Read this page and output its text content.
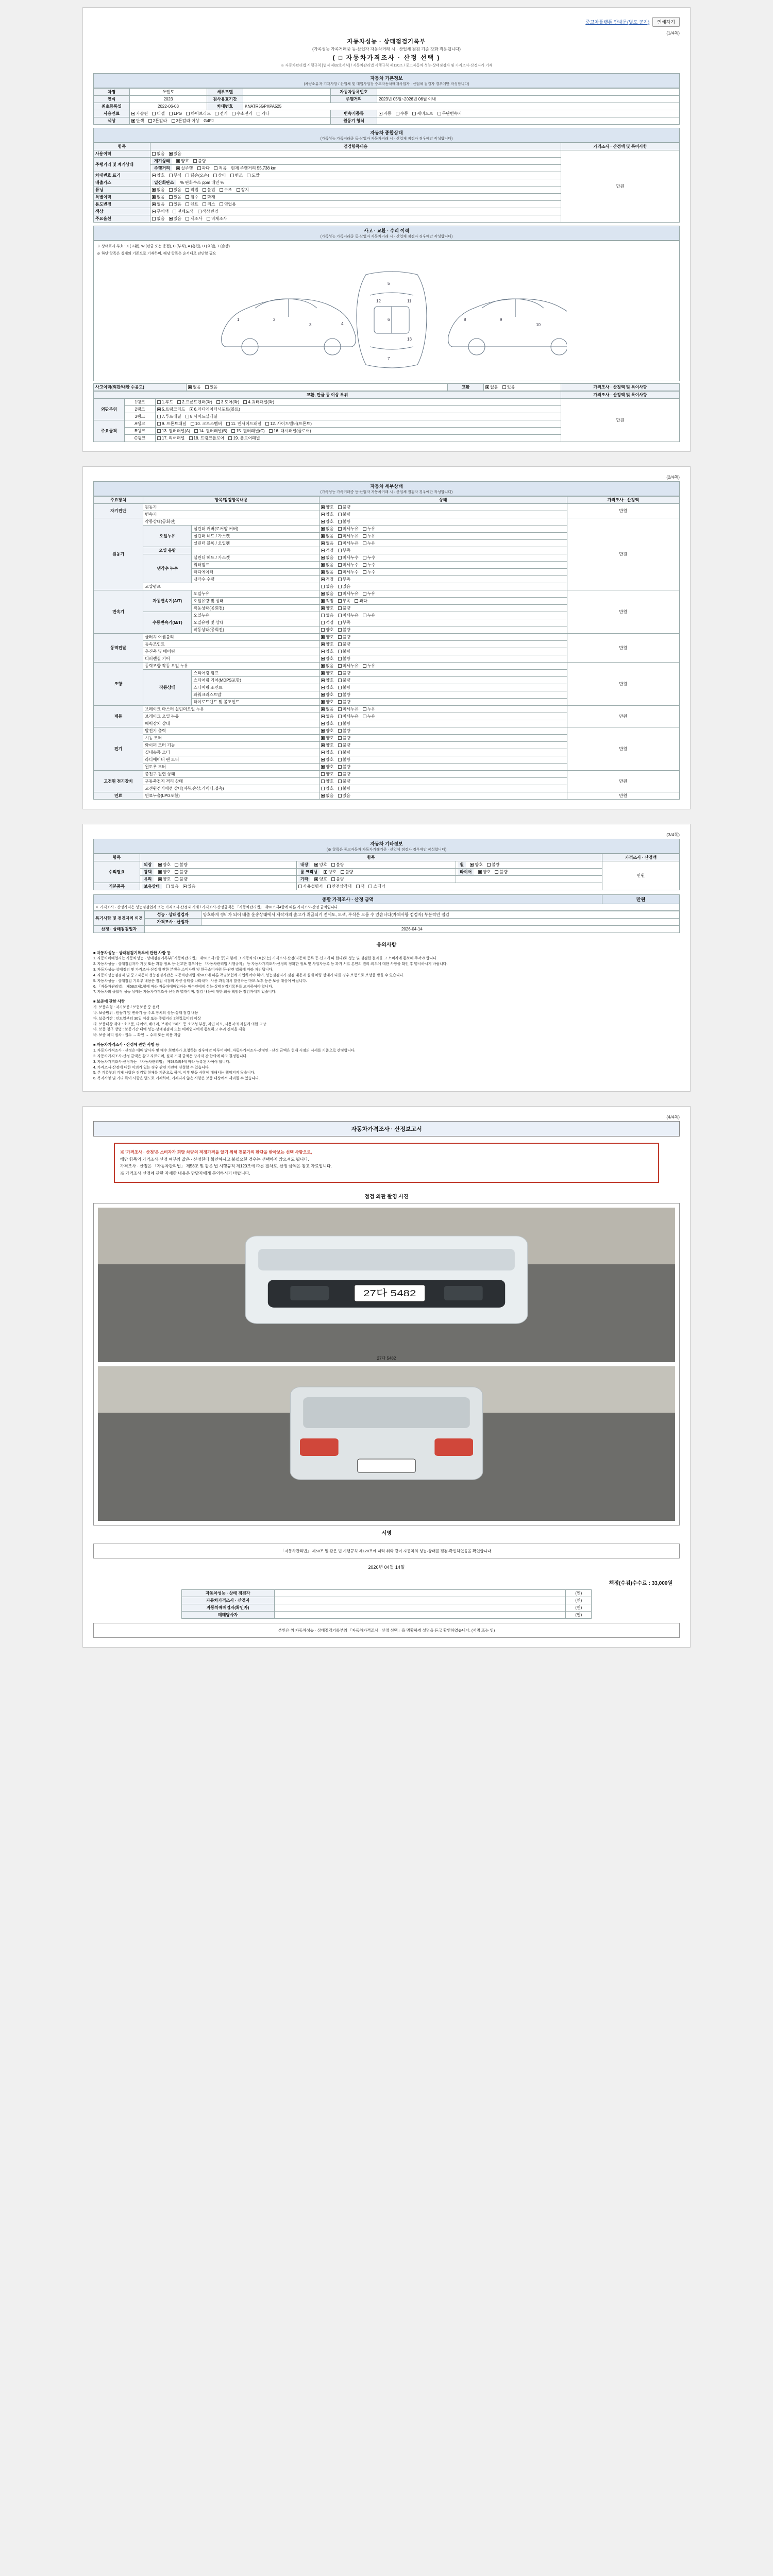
중고차플랫폼 안내문(별도 공지)	인쇄하기
(1/4쪽)
자동차성능 · 상태점검기록부
(가족성능 가족거래중 등-산업자 자동차거래 시 · 산업체 점검 기준 강화 적용됩니다)
( □ 자동차가격조사 · 산정 선택 )
※ 자동차관리법 시행규칙 [별지 제82호서식] / 자동차관리법 시행규칙 제120조 / 중고자동차 성능·상태점검자 및 가격조사·산정자가 기재
자동차 기본정보
(차량소유자 기재사항 / 산업체 및 매입사업장 중고자동차매매사업자 · 산업체 점검자 경우에만 작성합니다)
차명	쏘렌토	세부모델		자동차등록번호	
연식	2023	검사유효기간		주행거리	2023년 05월~2026년 06월 이내
최초등록일	2022-06-03	차대번호	KNATR5GPXPA525		
사용연료	가솔린 디젤 LPG 하이브리드 전기 수소전기 기타			변속기종류	자동 수동 세미오토 무단변속기
색상	단색 2톤칼라 3톤칼라 이상 G4FJ			원동기 형식	
자동차 종합상태
(가족성능 가족거래중 등-산업자 자동차거래 시 · 산업체 점검자 경우에만 작성합니다)
항목	점검항목내용	가격조사 · 산정액 및 특이사항
사용이력	없음 있음	만원
주행거리 및 계기상태	계기상태 양호 불량	
	주행거리 실주행 과다 적음 현재 주행거리 55,738 km	
차대번호 표기	양호 부식 훼손(오손) 상이 변조 도말	
배출가스	일산화탄소 % 탄화수소 ppm 매연 %	
튜닝	없음 있음 적법 불법 구조 장치	
특별이력	없음 있음 침수 화재	
용도변경	없음 있음 렌트 리스 영업용	
색상	무채색 전체도색 색상변경	
주요옵션	없음 있음 제조사 비제조사	
사고 · 교환 · 수리 이력
(가족성능 가족거래중 등-산업자 자동차거래 시 · 산업체 점검자 경우에만 작성합니다)
※ 상태표시 부호 : X (교환), W (판금 또는 용접), C (부식), A (흠집), U (요철), T (손상)
※ 하단 항목은 실제의 기준으로 기재하며, 해당 항목은 순서대로 판단할 필요
1	2
3	4
5
6
7
8	9
10
11
12
13
사고이력(외판/내판 수음도)	없음 있음	교환	없음 있음	가격조사 · 산정액 및 특이사항
교환, 판금 등 이상 부위			가격조사 · 산정액 및 특이사항
외판부위	1랭크	1.후드 2.프론트펜더(좌) 3.도어(좌) 4.쿼터패널(좌)	만원
	2랭크	5.트렁크리드 6.라디에이터서포트(볼트)	
	3랭크	7.루프패널 8.사이드실패널	
주요골격	A랭크	9. 프론트패널 10. 크로스멤버 11. 인사이드패널 12. 사이드멤버(프론트)	
	B랭크	13. 필러패널(A) 14. 필러패널(B) 15. 필러패널(C) 16. 대시패널(플로어)	
	C랭크	17. 리어패널 18. 트렁크플로어 19. 플로어패널	
(2/4쪽)
자동차 세부상태
(가족성능 가족거래중 등-산업자 자동차거래 시 · 산업체 점검자 경우에만 작성합니다)
주요장치	항목/점검항목내용		상태	가격조사 · 산정액
자기진단	원동기		양호 불량	만원
	변속기		양호 불량	
원동기	작동상태(공회전)		양호 불량	만원
	오일누유	실린더 커버(로커암 커버)	없음 미세누유 누유	
		실린더 헤드 / 가스켓	없음 미세누유 누유	
		실린더 블록 / 오일팬	없음 미세누유 누유	
	오일 유량		적정 부족	
	냉각수 누수	실린더 헤드 / 가스켓	없음 미세누수 누수	
		워터펌프	없음 미세누수 누수	
		라디에이터	없음 미세누수 누수	
		냉각수 수량	적정 부족	
	고압펌프		없음 있음	
변속기	자동변속기(A/T)	오일누유	없음 미세누유 누유	만원
		오일유량 및 상태	적정 부족 과다	
		작동상태(공회전)	양호 불량	
	수동변속기(M/T)	오일누유	없음 미세누유 누유	
		오일유량 및 상태	적정 부족	
		작동상태(공회전)	양호 불량	
동력전달	클러치 어셈블리		양호 불량	만원
	등속조인트		양호 불량	
	추진축 및 베어링		양호 불량	
	디퍼렌셜 기어		양호 불량	
조향	동력조향 작동 오일 누유		없음 미세누유 누유	만원
	작동상태	스티어링 펌프	양호 불량	
		스티어링 기어(MDPS포함)	양호 불량	
		스티어링 조인트	양호 불량	
		파워크러스트암	양호 불량	
		타이로드엔드 및 볼조인트	양호 불량	
제동	브레이크 마스터 실린더오일 누유		없음 미세누유 누유	만원
	브레이크 오일 누유		없음 미세누유 누유	
	배력장치 상태		양호 불량	
전기	발전기 출력		양호 불량	만원
	시동 모터		양호 불량	
	와이퍼 모터 기능		양호 불량	
	실내송풍 모터		양호 불량	
	라디에이터 팬 모터		양호 불량	
	윈도우 모터		양호 불량	
고전원 전기장치	충전구 절연 상태		양호 불량	만원
	구동축전지 격리 상태		양호 불량	
	고전원전기배선 상태(피복,손상,커넥터,접촉)		양호 불량	
연료	연료누출(LPG포함)		없음 있음	만원
(3/4쪽)
자동차 기타정보
(※ 항목은 중고자동차 자동차거래기준 · 산업체 점검자 경우에만 작성합니다)
항목	항목			가격조사 · 산정액
수리필요	외장 양호 불량	내장 양호 불량	휠 양호 불량	만원
	광택 양호 불량	룸 크리닝 양호 불량	타이어 양호 불량	
	유리 양호 불량	기타 양호 불량		
기본품목	보유상태 없음 있음	사용설명서 안전삼각대 잭 스패너		
종합 가격조사 · 산정 금액	만원
※ 가격조사 · 산정가격은 성능점검업자 또는 가격조사·산정자 기재 / 가격조사·산정금액은 「자동차관리법」 제58조제4항에 따른 가격조사·산정 금액입니다.
특기사항 및 점검자의 의견	성능 · 상태점검자	양호하게 정비가 되어 배출 운송상태에서 제작자의 출고가 취급되기 전에도, 도색, 부식은 모름 수 있습니다(자체사항 점검자) 부분적인 점검
	가격조사 · 산정자	
산정 · 상태점검일자	2026-04-14	
유의사항
■ 자동차성능 · 상태점검기록부에 관한 사항 등
1. 자동차매매업자는 자동차성능 · 상태점검기록부(「자동차관리법」 제58조제1항 등)와 함께 그 자동차의 DL(또는) 가격조사·산정(자동차 등록 등-신고에 따 한다)로 성능 및 점검한 결과를 그 소비자에 통보해 주셔야 합니다.
2. 자동차성능 · 상태점검자가 거짓 또는 과장 정보 등-신고한 경우에는 「자동차관리법 시행규칙」 등 자동차가격조사·산정의 정확한 정보 및 사업자등록 등 과거 서류 본인의 권리·의무에 대한 사항을 확인 후 명시하시기 바랍니다.
3. 자동차성능·상태점검 및 가격조사·산정에 관한 분쟁은 소비자원 및 한국소비자원 등-관련 법률에 따라 처리됩니다.
4. 자동차성능점검자 및 중고자동차 성능점검기관은 자동차관리법 제58조에 따른 책임보험에 가입하여야 하며, 성능점검자가 점검 내용과 실제 차량 상태가 다를 경우 보험으로 보상을 받을 수 있습니다.
5. 자동차성능 · 상태점검 기록부 내용은 점검 시점의 차량 상태를 나타내며, 사용 과정에서 발생하는 마모·노후 등은 보증 대상이 아닙니다.
6. 「자동차관리법」 제58조제1항에 따라 자동차매매업자는 매수인에게 성능·상태점검기록부를 고지하여야 합니다.
7. 자동차의 종합적 성능 상태는 자동차가격조사·산정과 별개이며, 점검 내용에 대한 최종 책임은 점검자에게 있습니다.
■ 보증에 관한 사항
가. 보증유형 : 자기보증 / 보험보증 중 선택
나. 보증범위 : 원동기 및 변속기 등 주요 장치의 성능·상태 점검 내용
다. 보증기간 : 인도일부터 30일 이상 또는 주행거리 2천킬로미터 이상
라. 보증대상 제외 : 소모품, 타이어, 배터리, 브레이크패드 등 소모성 부품, 자연 마모, 사용자의 과실에 의한 고장
마. 보증 청구 방법 : 보증기간 내에 성능·상태점검자 또는 매매업자에게 통보하고 수리 견적을 제출
바. 보증 처리 절차 : 접수 → 확인 → 수리 또는 비용 지급
■ 자동차가격조사 · 산정에 관한 사항 등
1. 자동차가격조사 · 산정은 매매 당사자 및 매수 희망자가 요청하는 경우에만 이루어지며, 자동차가격조사·산정인 · 산정 금액은 현재 시점의 시세를 기준으로 산정합니다.
2. 자동차가격조사·산정 금액은 참고 자료이며, 실제 거래 금액은 당사자 간 합의에 따라 결정됩니다.
3. 자동차가격조사·산정자는 「자동차관리법」 제58조의4에 따라 등록된 자여야 합니다.
4. 가격조사·산정에 대한 이의가 있는 경우 관련 기관에 신청할 수 있습니다.
5. 본 기록부의 기재 사항은 점검일 현재를 기준으로 하며, 이후 변동 사항에 대해서는 책임지지 않습니다.
6. 복지사양 및 기타 특이 사항은 별도로 기재하며, 기재되지 않은 사항은 보증 대상에서 제외될 수 있습니다.
(4/4쪽)
자동차가격조사 · 산정보고서
※ '가격조사 · 산정'은 소비자가 희망 차량의 적정가격을 알기 위해 전문가의 판단을 받아보는 선택 사항으로,
해당 항목의 가격조사·산정 여부와 값은 · 산정한다 확인하시고 불필요한 경우는 선택하지 않으셔도 됩니다.
가격조사 · 산정은 「자동차관리법」 제58조 및 같은 법 시행규칙 제120조에 따른 절차로, 산정 금액은 참고 자료입니다.
※ 가격조사·산정에 관한 자세한 내용은 담당자에게 문의하시기 바랍니다.
점검 외관 촬영 사진
27다 5482
27다 5482
서명
「자동차관리법」 제58조 및 같은 법 시행규칙 제120조에 따라 위와 같이 자동차의 성능·상태를 점검·확인하였음을 확인합니다.
2026년 04월 14일
책정(수검)수수료 : 33,000원
자동차성능 · 상태 점검자		(인)
자동차가격조사 · 산정자		(인)
자동차매매업자(확인자)		(인)
매매당사자		(인)
본인은 위 자동차성능 · 상태점검기록부의 「자동차가격조사 · 산정 선택」을 명확하게 설명을 듣고 확인하였습니다. (서명 또는 인)
